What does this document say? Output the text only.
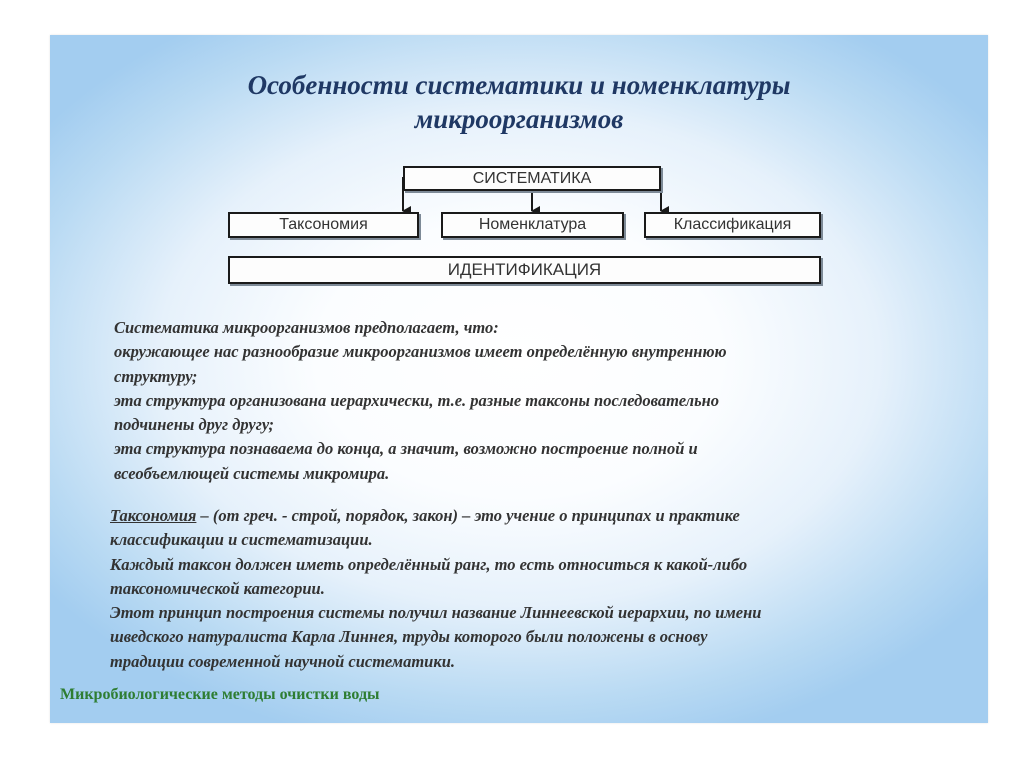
Особенности систематики и номенклатуры
микроорганизмов
СИСТЕМАТИКА
Таксономия	Номенклатура	Классификация
ИДЕНТИФИКАЦИЯ

Систематика микроорганизмов предполагает, что:

окружающее нас разнообразие микроорганизмов имеет определённую внутреннюю

структуру;

эта структура организована иерархически, т.е. разные таксоны последовательно

подчинены друг другу;

эта структура познаваема до конца, а значит, возможно построение полной и

всеобъемлющей системы микромира.

Таксономия – (от греч. - строй, порядок, закон) – это учение о принципах и практике

классификации и систематизации.

Каждый таксон должен иметь определённый ранг, то есть относиться к какой-либо

таксономической категории.

Этот принцип построения системы получил название Линнеевской иерархии, по имени

шведского натуралиста Карла Линнея, труды которого были положены в основу

традиции современной научной систематики.

Микробиологические методы очистки воды
